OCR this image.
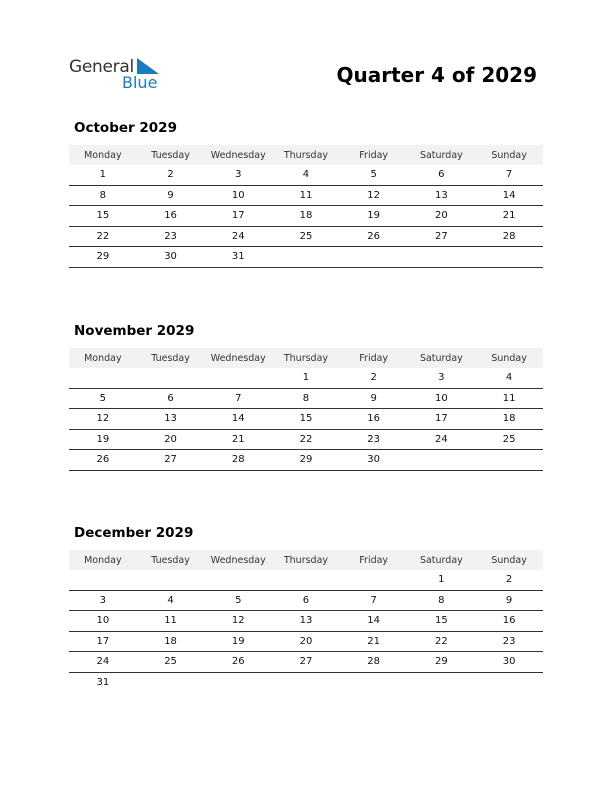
General
Blue	Quarter 4 of 2029
October 2029
Monday	Tuesday	Wednesday	Thursday	Friday	Saturday	Sunday
1	2	3	4	5	6	7
8	9	10	11	12	13	14
15	16	17	18	19	20	21
22	23	24	25	26	27	28
29	30	31				
November 2029
Monday	Tuesday	Wednesday	Thursday	Friday	Saturday	Sunday
			1	2	3	4
5	6	7	8	9	10	11
12	13	14	15	16	17	18
19	20	21	22	23	24	25
26	27	28	29	30		
December 2029
Monday	Tuesday	Wednesday	Thursday	Friday	Saturday	Sunday
					1	2
3	4	5	6	7	8	9
10	11	12	13	14	15	16
17	18	19	20	21	22	23
24	25	26	27	28	29	30
31						
